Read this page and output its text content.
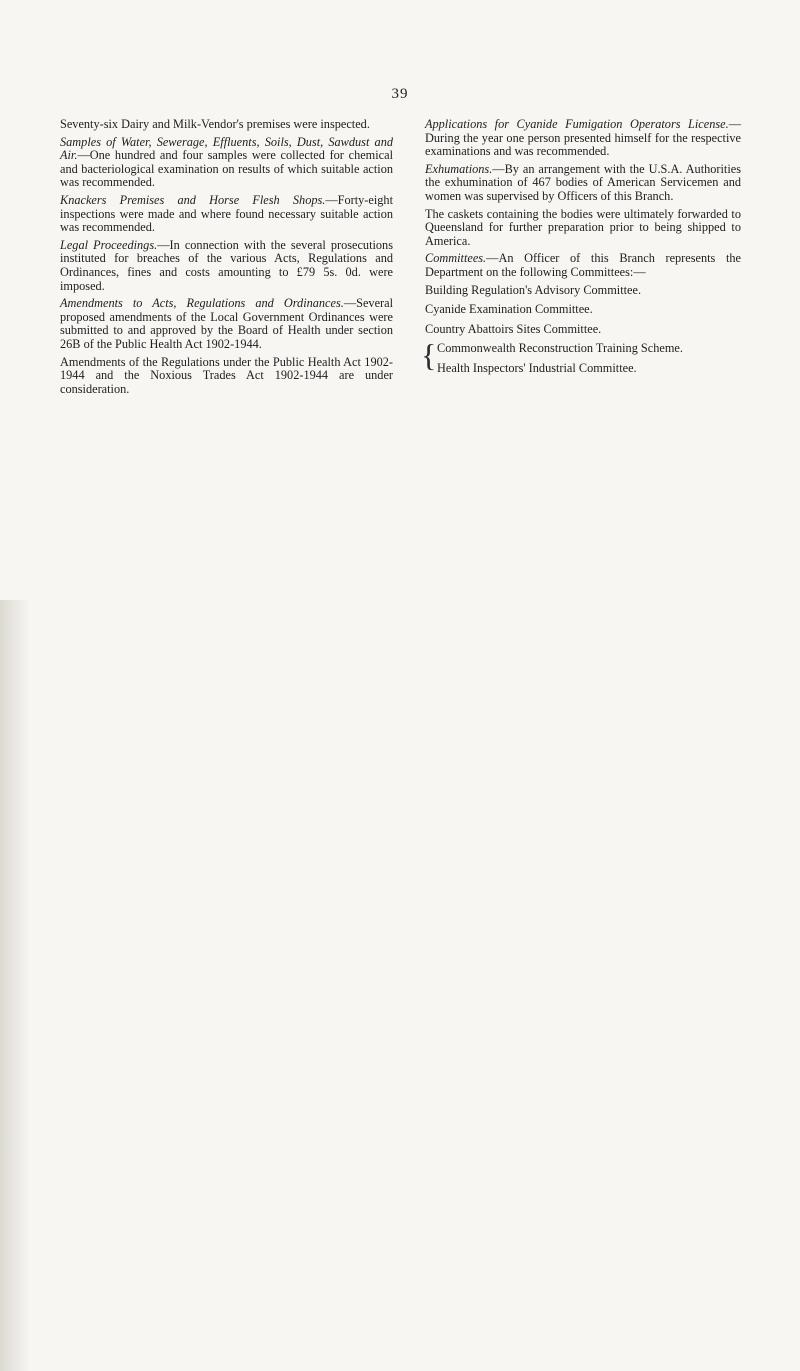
39

Seventy-six Dairy and Milk-Vendor's premises were inspected.

Samples of Water, Sewerage, Effluents, Soils, Dust, Sawdust and Air.—One hundred and four samples were collected for chemical and bacteriological examination on results of which suitable action was recommended.

Knackers Premises and Horse Flesh Shops.—Forty-eight inspections were made and where found necessary suitable action was recommended.

Legal Proceedings.—In connection with the several prosecutions instituted for breaches of the various Acts, Regulations and Ordinances, fines and costs amounting to £79 5s. 0d. were imposed.

Amendments to Acts, Regulations and Ordinances.—Several proposed amendments of the Local Government Ordinances were submitted to and approved by the Board of Health under section 26B of the Public Health Act 1902-1944.

Amendments of the Regulations under the Public Health Act 1902-1944 and the Noxious Trades Act 1902-1944 are under consideration.

Applications for Cyanide Fumigation Operators License.—During the year one person presented himself for the respective examinations and was recommended.

Exhumations.—By an arrangement with the U.S.A. Authorities the exhumination of 467 bodies of American Servicemen and women was supervised by Officers of this Branch.

The caskets containing the bodies were ultimately forwarded to Queensland for further preparation prior to being shipped to America.

Committees.—An Officer of this Branch represents the Department on the following Committees:—

Building Regulation's Advisory Committee.
Cyanide Examination Committee.
Country Abattoirs Sites Committee.
{ Commonwealth Reconstruction Training Scheme.
Health Inspectors' Industrial Committee.
